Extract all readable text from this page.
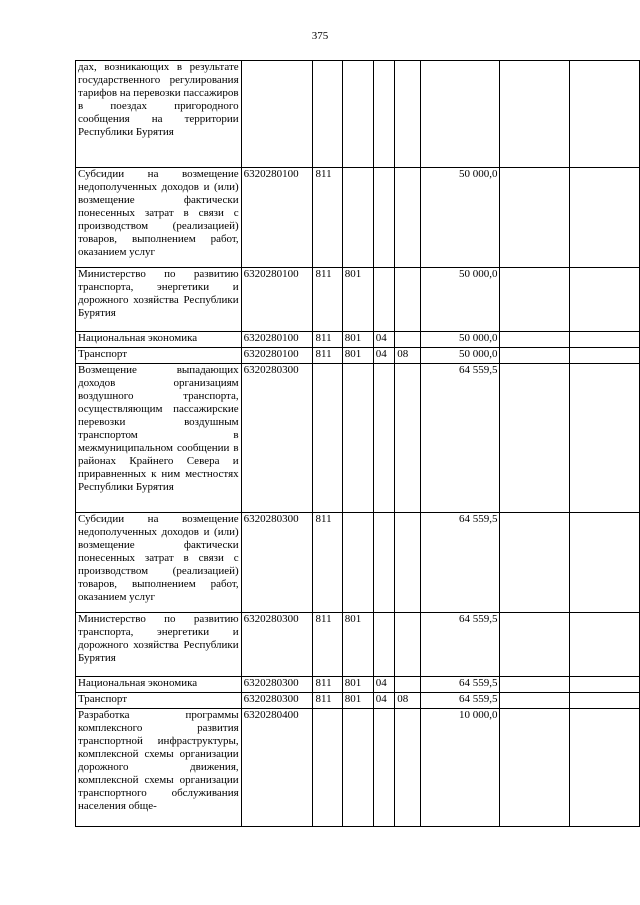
375
дах, возникающих в результате государственного регулирования тарифов на перевозки пассажиров в поездах пригородного сообщения на территории Республики Бурятия								
Субсидии на возмещение недополученных доходов и (или) возмещение фактически понесенных затрат в связи с производством (реализацией) товаров, выполнением работ, оказанием услуг	6320280100	811				50 000,0		
Министерство по развитию транспорта, энергетики и дорожного хозяйства Республики Бурятия	6320280100	811	801			50 000,0		
Национальная экономика	6320280100	811	801	04		50 000,0		
Транспорт	6320280100	811	801	04	08	50 000,0		
Возмещение выпадающих доходов организациям воздушного транспорта, осуществляющим пассажирские перевозки воздушным транспортом в межмуниципальном сообщении в районах Крайнего Севера и приравненных к ним местностях Республики Бурятия	6320280300					64 559,5		
Субсидии на возмещение недополученных доходов и (или) возмещение фактически понесенных затрат в связи с производством (реализацией) товаров, выполнением работ, оказанием услуг	6320280300	811				64 559,5		
Министерство по развитию транспорта, энергетики и дорожного хозяйства Республики Бурятия	6320280300	811	801			64 559,5		
Национальная экономика	6320280300	811	801	04		64 559,5		
Транспорт	6320280300	811	801	04	08	64 559,5		
Разработка программы комплексного развития транспортной инфраструктуры, комплексной схемы организации дорожного движения, комплексной схемы организации транспортного обслуживания населения обще-	6320280400					10 000,0		
